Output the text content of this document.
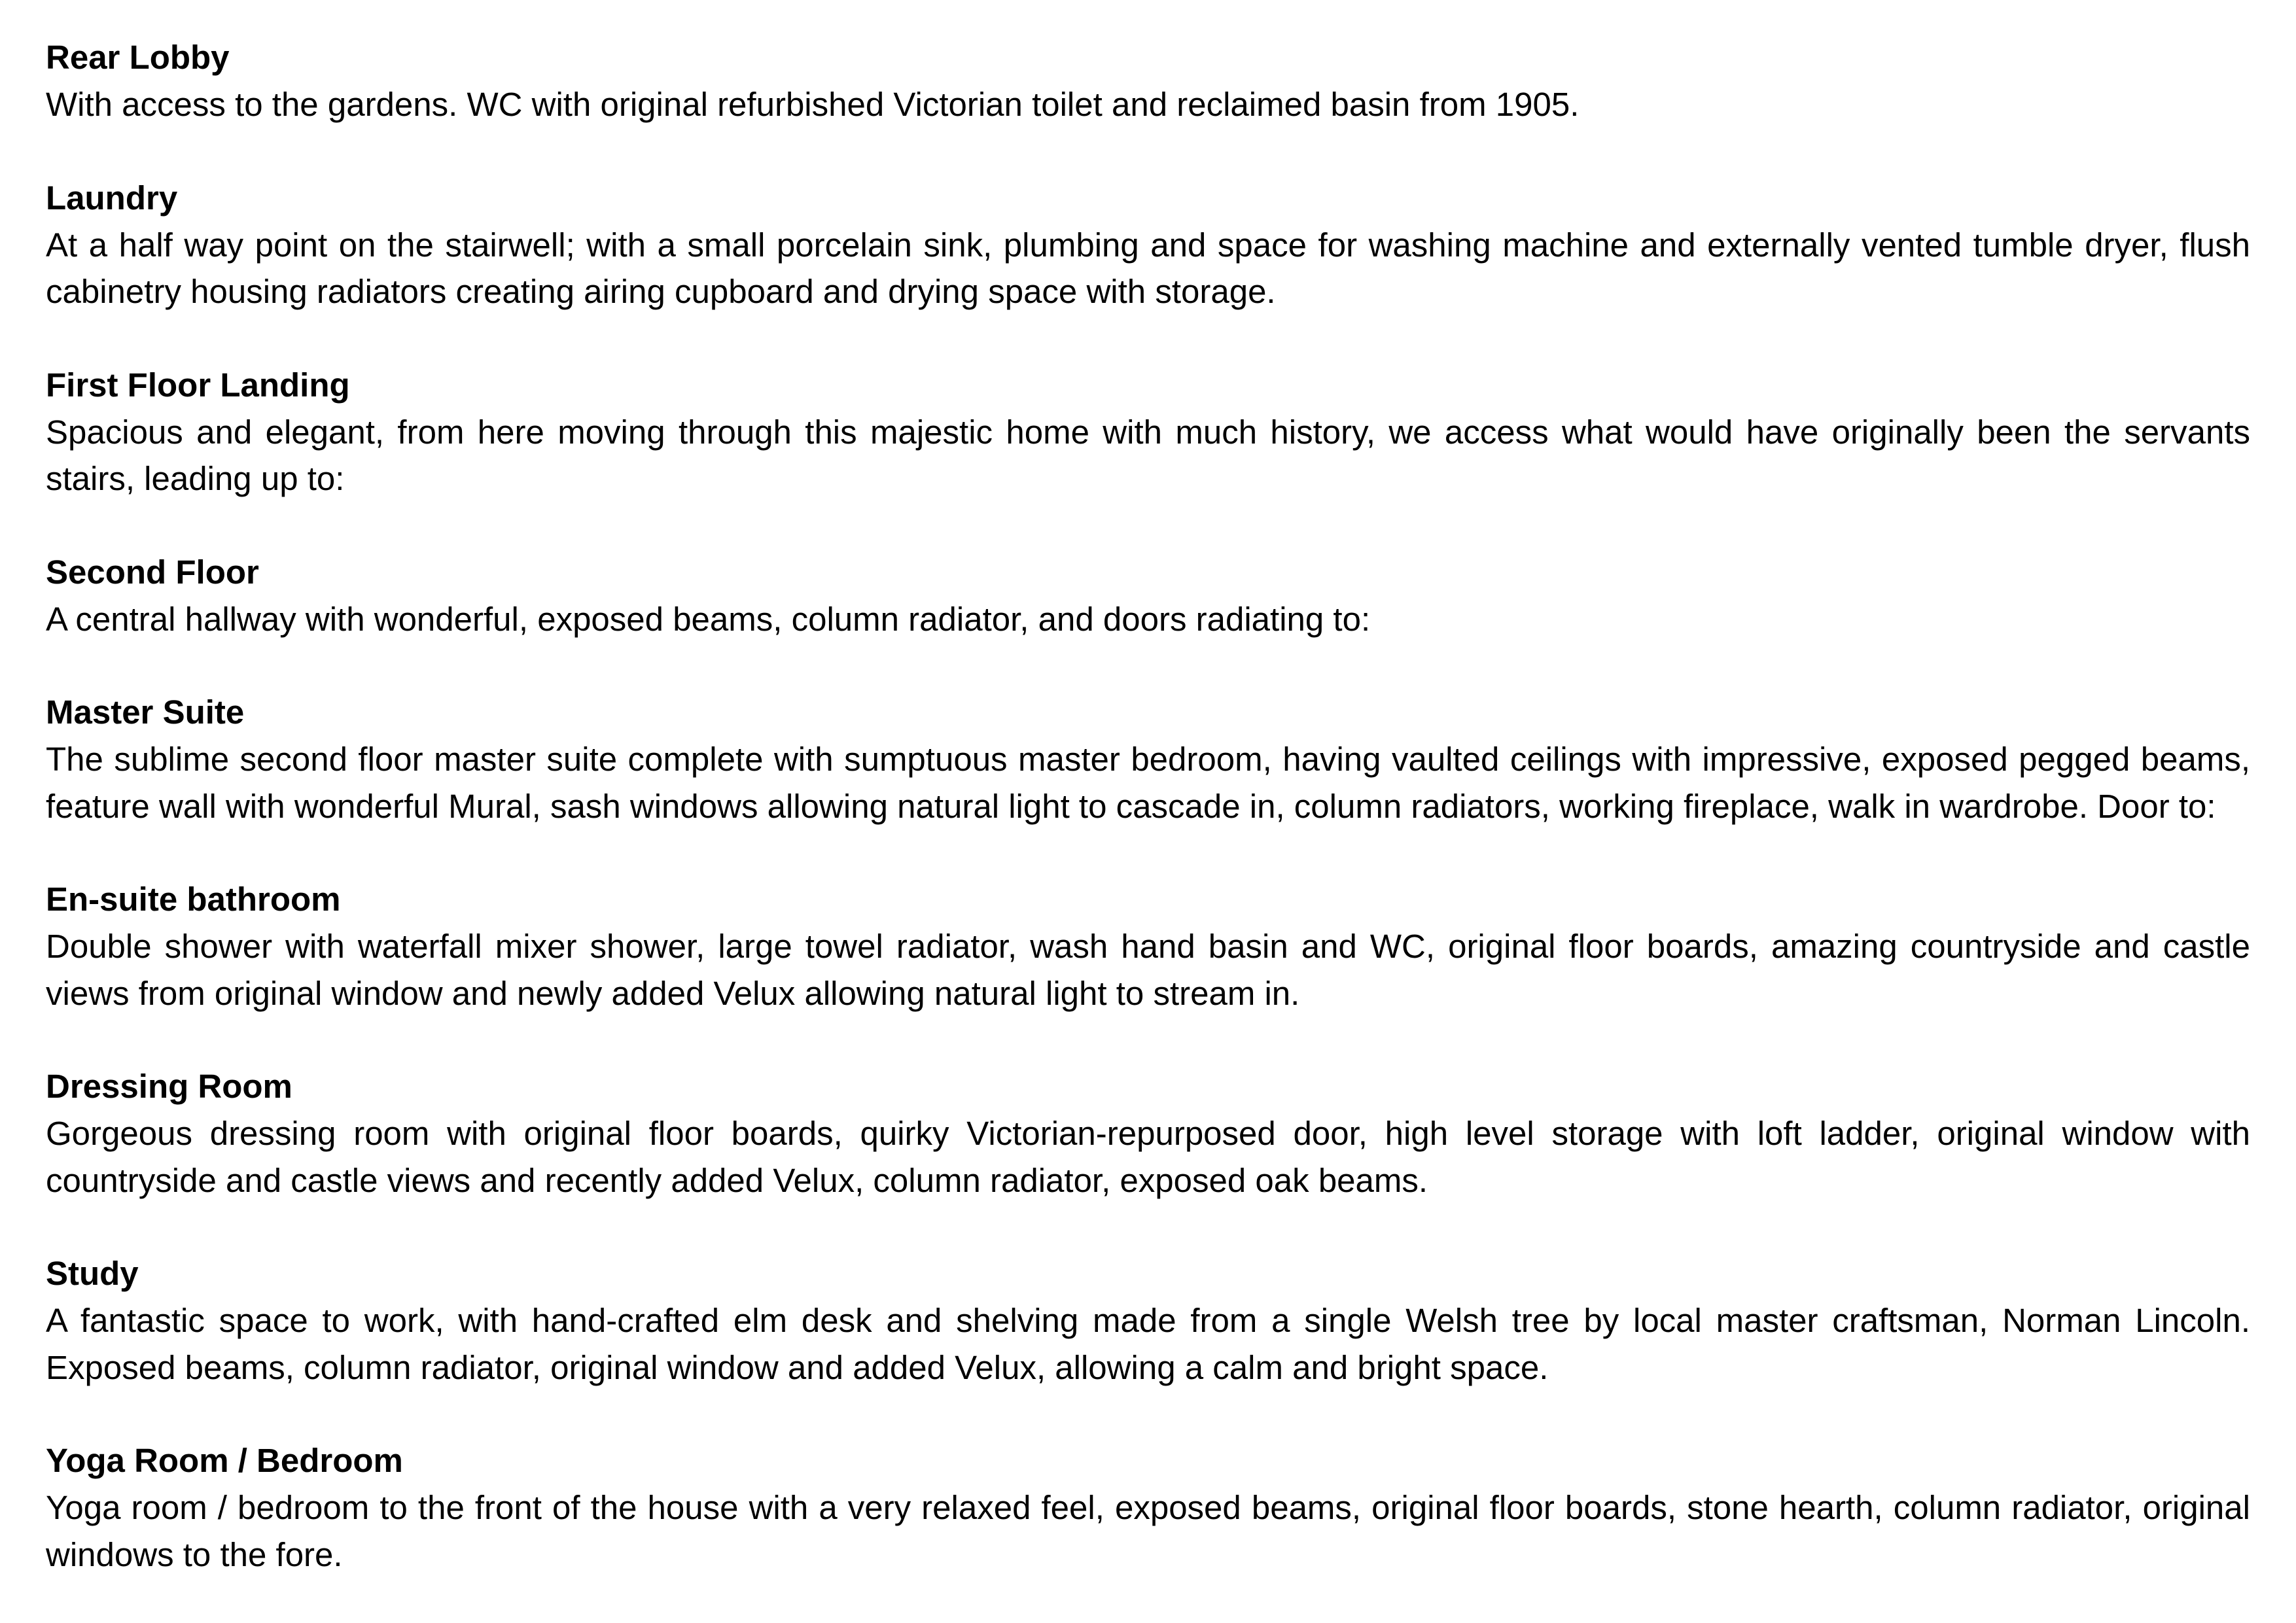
Rear Lobby

With access to the gardens. WC with original refurbished Victorian toilet and reclaimed basin from 1905.

Laundry

At a half way point on the stairwell; with a small porcelain sink, plumbing and space for washing machine and externally vented tumble dryer, flush cabinetry housing radiators creating airing cupboard and drying space with storage.

First Floor Landing

Spacious and elegant, from here moving through this majestic home with much history, we access what would have originally been the servants stairs, leading up to:

Second Floor

A central hallway with wonderful, exposed beams, column radiator, and doors radiating to:

Master Suite

The sublime second floor master suite complete with sumptuous master bedroom, having vaulted ceilings with impressive, exposed pegged beams, feature wall with wonderful Mural, sash windows allowing natural light to cascade in, column radiators, working fireplace, walk in wardrobe. Door to:

En-suite bathroom

Double shower with waterfall mixer shower, large towel radiator, wash hand basin and WC, original floor boards, amazing countryside and castle views from original window and newly added Velux allowing natural light to stream in.

Dressing Room

Gorgeous dressing room with original floor boards, quirky Victorian-repurposed door, high level storage with loft ladder, original window with countryside and castle views and recently added Velux, column radiator, exposed oak beams.

Study

A fantastic space to work, with hand-crafted elm desk and shelving made from a single Welsh tree by local master craftsman, Norman Lincoln. Exposed beams, column radiator, original window and added Velux, allowing a calm and bright space.

Yoga Room / Bedroom

Yoga room / bedroom to the front of the house with a very relaxed feel, exposed beams, original floor boards, stone hearth, column radiator, original windows to the fore.
